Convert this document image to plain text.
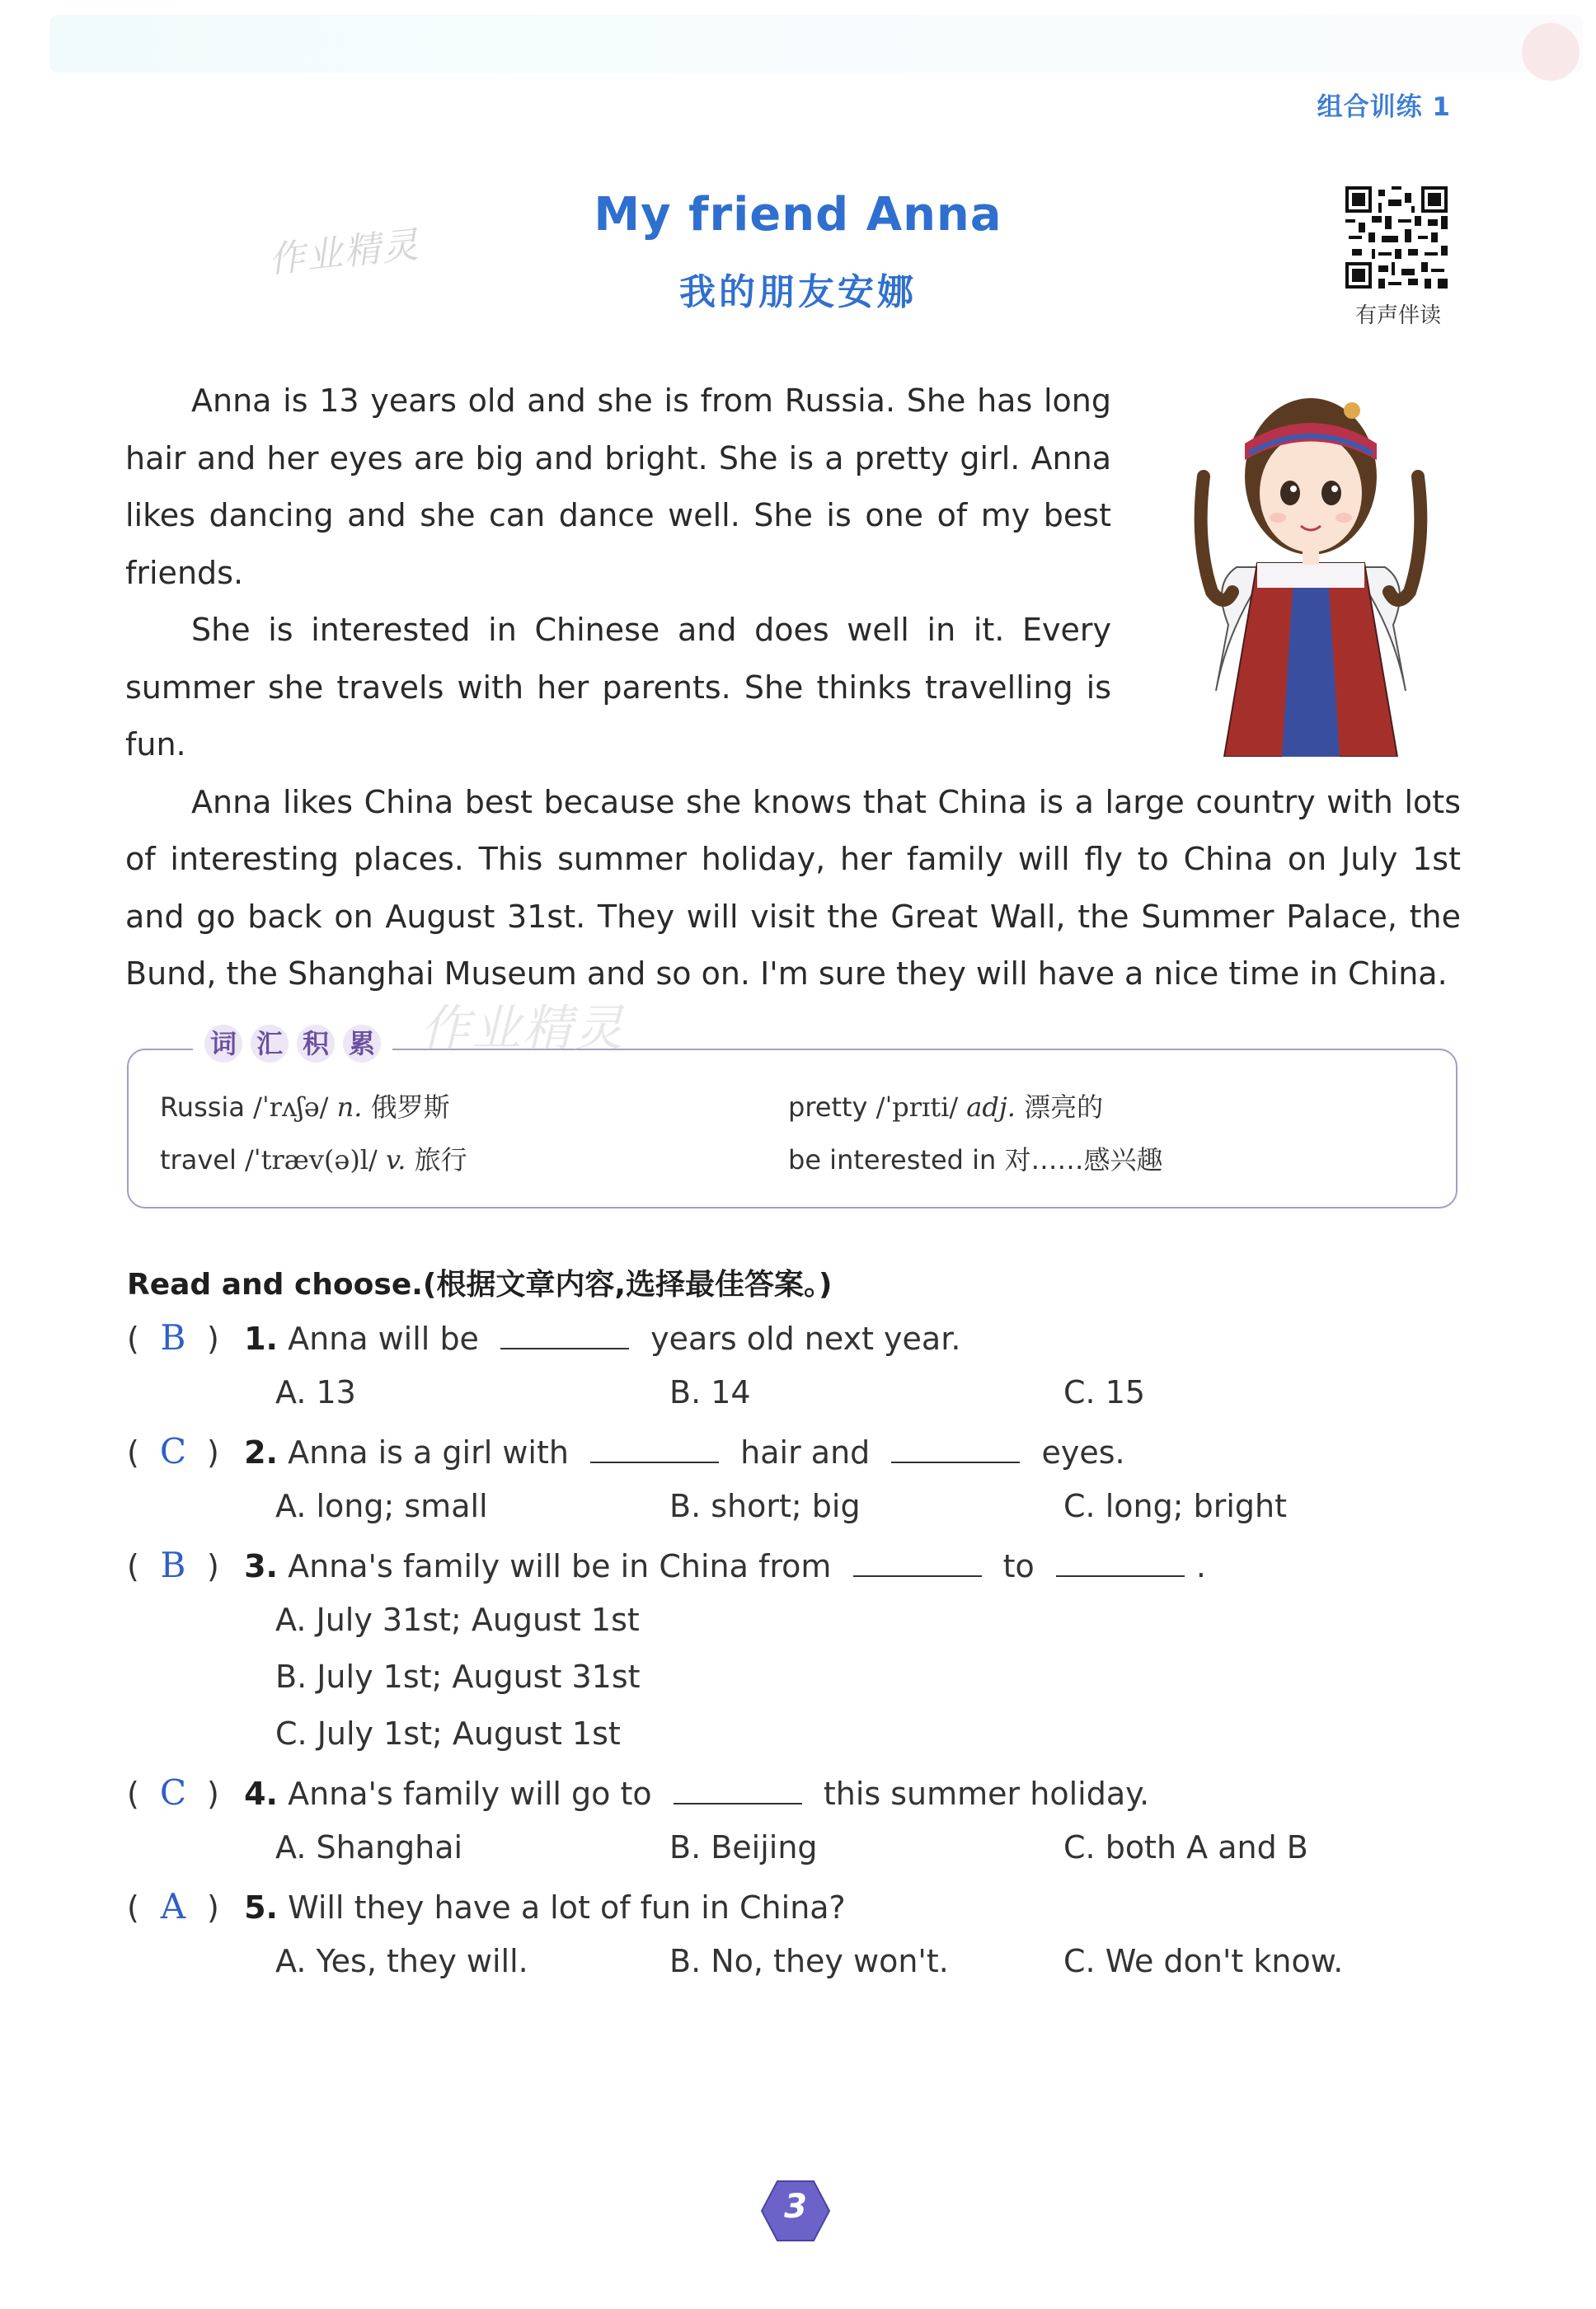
组合训练 1
作业精灵
My friend Anna
我的朋友安娜
有声伴读

Anna is 13 years old and she is from Russia. She has long hair and her eyes are big and bright. She is a pretty girl. Anna likes dancing and she can dance well. She is one of my best friends.

She is interested in Chinese and does well in it. Every summer she travels with her parents. She thinks travelling is fun.

Anna likes China best because she knows that China is a large country with lots of interesting places. This summer holiday, her family will fly to China on July 1st and go back on August 31st. They will visit the Great Wall, the Summer Palace, the Bund, the Shanghai Museum and so on. I'm sure they will have a nice time in China.

词 汇 积 累 作业精灵
Russia /ˈrʌʃə/ n. 俄罗斯	pretty /ˈprɪti/ adj. 漂亮的
travel /ˈtræv(ə)l/ v. 旅行	be interested in 对……感兴趣
Read and choose.(根据文章内容,选择最佳答案。)
( B ) 1. Anna will be	years old next year.
A. 13	B. 14	C. 15
( C ) 2. Anna is a girl with	hair and	eyes.
A. long; small	B. short; big	C. long; bright
( B ) 3. Anna's family will be in China from	to	.
A. July 31st; August 1st
B. July 1st; August 31st
C. July 1st; August 1st
( C ) 4. Anna's family will go to	this summer holiday.
A. Shanghai	B. Beijing	C. both A and B
( A ) 5. Will they have a lot of fun in China?
A. Yes, they will.	B. No, they won't.	C. We don't know.
3
